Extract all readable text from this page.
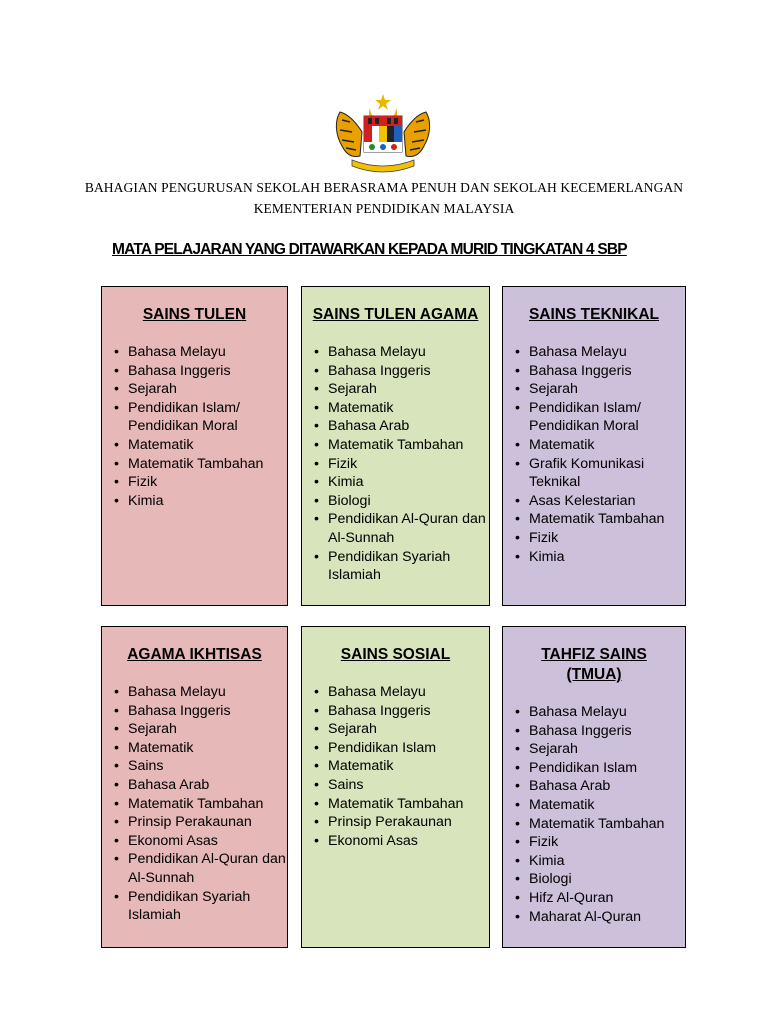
BAHAGIAN PENGURUSAN SEKOLAH BERASRAMA PENUH DAN SEKOLAH KECEMERLANGAN
KEMENTERIAN PENDIDIKAN MALAYSIA
MATA PELAJARAN YANG DITAWARKAN KEPADA MURID TINGKATAN 4 SBP
SAINS TULEN
• Bahasa Melayu
• Bahasa Inggeris
• Sejarah
• Pendidikan Islam/ Pendidikan Moral
• Matematik
• Matematik Tambahan
• Fizik
• Kimia
SAINS TULEN AGAMA
• Bahasa Melayu
• Bahasa Inggeris
• Sejarah
• Matematik
• Bahasa Arab
• Matematik Tambahan
• Fizik
• Kimia
• Biologi
• Pendidikan Al-Quran dan Al-Sunnah
• Pendidikan Syariah Islamiah
SAINS TEKNIKAL
• Bahasa Melayu
• Bahasa Inggeris
• Sejarah
• Pendidikan Islam/ Pendidikan Moral
• Matematik
• Grafik Komunikasi Teknikal
• Asas Kelestarian
• Matematik Tambahan
• Fizik
• Kimia
AGAMA IKHTISAS
• Bahasa Melayu
• Bahasa Inggeris
• Sejarah
• Matematik
• Sains
• Bahasa Arab
• Matematik Tambahan
• Prinsip Perakaunan
• Ekonomi Asas
• Pendidikan Al-Quran dan Al-Sunnah
• Pendidikan Syariah Islamiah
SAINS SOSIAL
• Bahasa Melayu
• Bahasa Inggeris
• Sejarah
• Pendidikan Islam
• Matematik
• Sains
• Matematik Tambahan
• Prinsip Perakaunan
• Ekonomi Asas
TAHFIZ SAINS (TMUA)
• Bahasa Melayu
• Bahasa Inggeris
• Sejarah
• Pendidikan Islam
• Bahasa Arab
• Matematik
• Matematik Tambahan
• Fizik
• Kimia
• Biologi
• Hifz Al-Quran
• Maharat Al-Quran
